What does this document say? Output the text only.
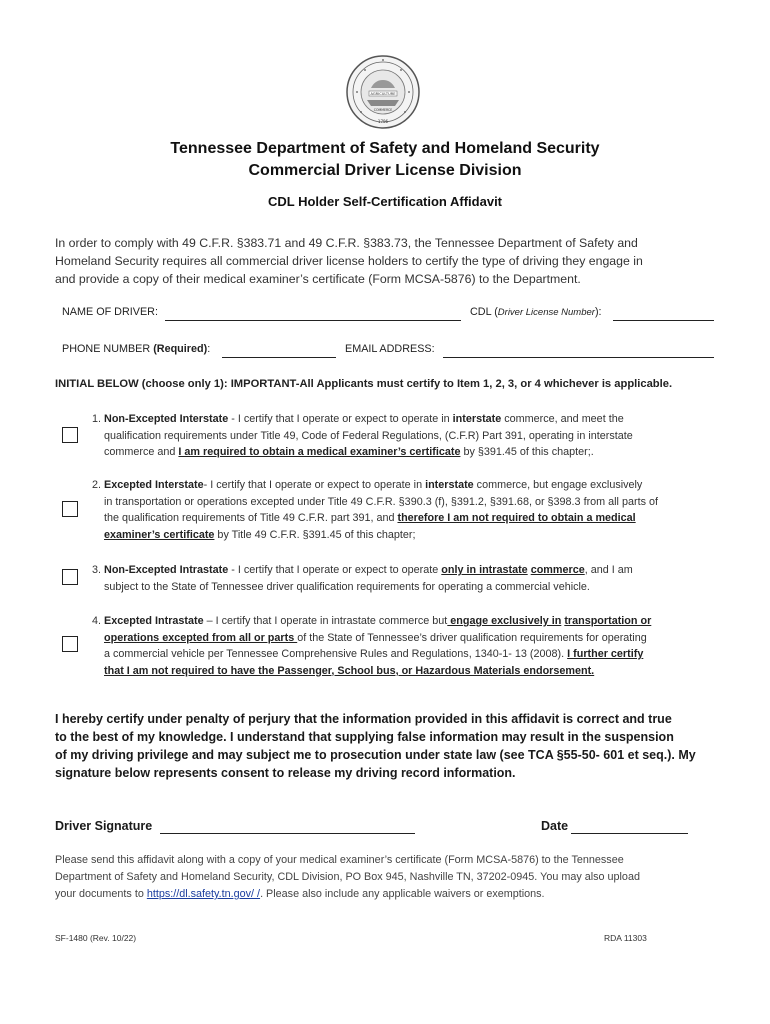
AGRICULTURE
COMMERCE
1796
Tennessee Department of Safety and Homeland Security
Commercial Driver License Division
CDL Holder Self-Certification Affidavit
In order to comply with 49 C.F.R. §383.71 and 49 C.F.R. §383.73, the Tennessee Department of Safety and
Homeland Security requires all commercial driver license holders to certify the type of driving they engage in
and provide a copy of their medical examiner’s certificate (Form MCSA-5876) to the Department.
NAME OF DRIVER:	CDL (Driver License Number):
PHONE NUMBER (Required):	EMAIL ADDRESS:
INITIAL BELOW (choose only 1): IMPORTANT-All Applicants must certify to Item 1, 2, 3, or 4 whichever is applicable.
1. Non-Excepted Interstate - I certify that I operate or expect to operate in interstate commerce, and meet the
qualification requirements under Title 49, Code of Federal Regulations, (C.F.R) Part 391, operating in interstate
commerce and I am required to obtain a medical examiner’s certificate by §391.45 of this chapter;.
2. Excepted Interstate- I certify that I operate or expect to operate in interstate commerce, but engage exclusively
in transportation or operations excepted under Title 49 C.F.R. §390.3 (f), §391.2, §391.68, or §398.3 from all parts of
the qualification requirements of Title 49 C.F.R. part 391, and therefore I am not required to obtain a medical
examiner’s certificate by Title 49 C.F.R. §391.45 of this chapter;
3. Non-Excepted Intrastate - I certify that I operate or expect to operate only in intrastate commerce, and I am
subject to the State of Tennessee driver qualification requirements for operating a commercial vehicle.
4. Excepted Intrastate – I certify that I operate in intrastate commerce but engage exclusively in transportation or
operations excepted from all or parts of the State of Tennessee’s driver qualification requirements for operating
a commercial vehicle per Tennessee Comprehensive Rules and Regulations, 1340-1- 13 (2008). I further certify
that I am not required to have the Passenger, School bus, or Hazardous Materials endorsement.
I hereby certify under penalty of perjury that the information provided in this affidavit is correct and true
to the best of my knowledge. I understand that supplying false information may result in the suspension
of my driving privilege and may subject me to prosecution under state law (see TCA §55-50- 601 et seq.). My
signature below represents consent to release my driving record information.
Driver Signature	Date
Please send this affidavit along with a copy of your medical examiner’s certificate (Form MCSA-5876) to the Tennessee
Department of Safety and Homeland Security, CDL Division, PO Box 945, Nashville TN, 37202-0945. You may also upload
your documents to https://dl.safety.tn.gov/ /. Please also include any applicable waivers or exemptions.
SF-1480 (Rev. 10/22)	RDA 11303
